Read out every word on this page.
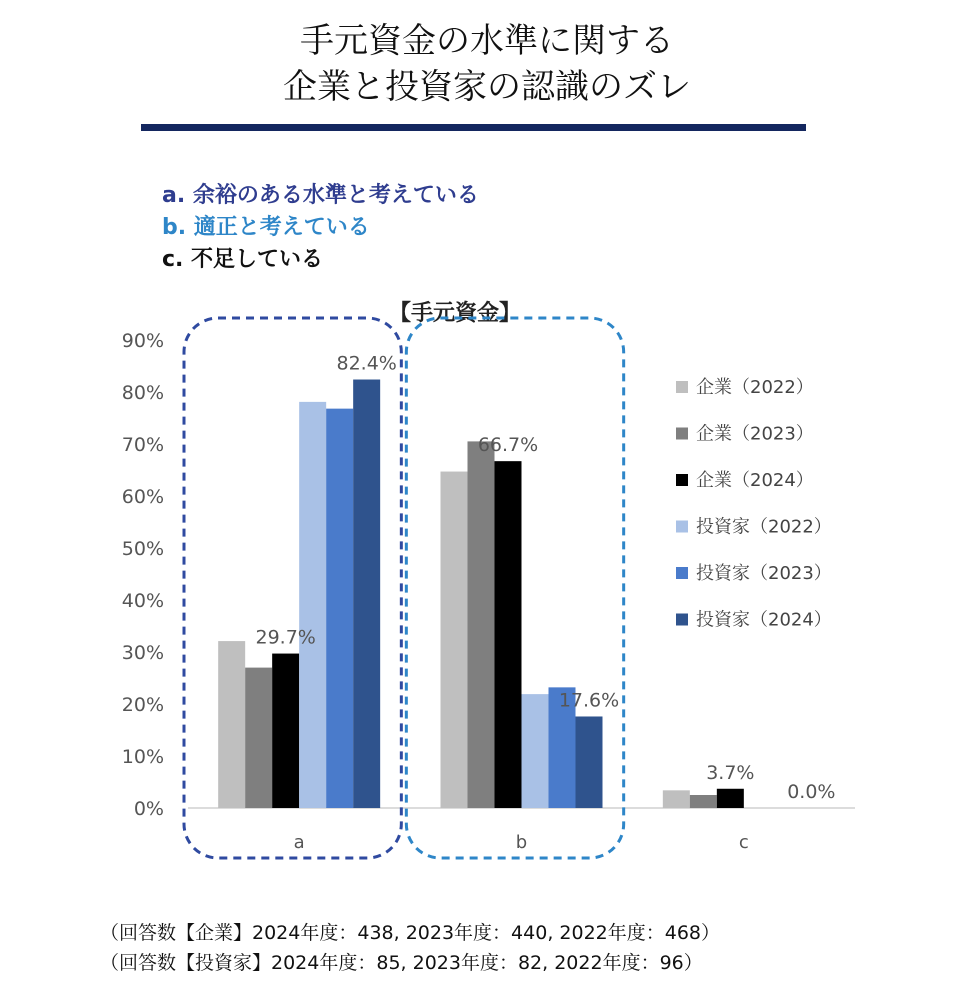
手元資金の水準に関する
企業と投資家の認識のズレ
a. 余裕のある水準と考えている
b. 適正と考えている
c. 不足している
【手元資金】
0%
10%
20%
30%
40%
50%
60%
70%
80%
90%
a	b	c
82.4%
29.7%
66.7%
17.6%
3.7%
0.0%
企業（2022）
企業（2023）
企業（2024）
投資家（2022）
投資家（2023）
投資家（2024）
（回答数【企業】2024年度：438, 2023年度：440, 2022年度：468）
（回答数【投資家】2024年度：85, 2023年度：82, 2022年度：96）
